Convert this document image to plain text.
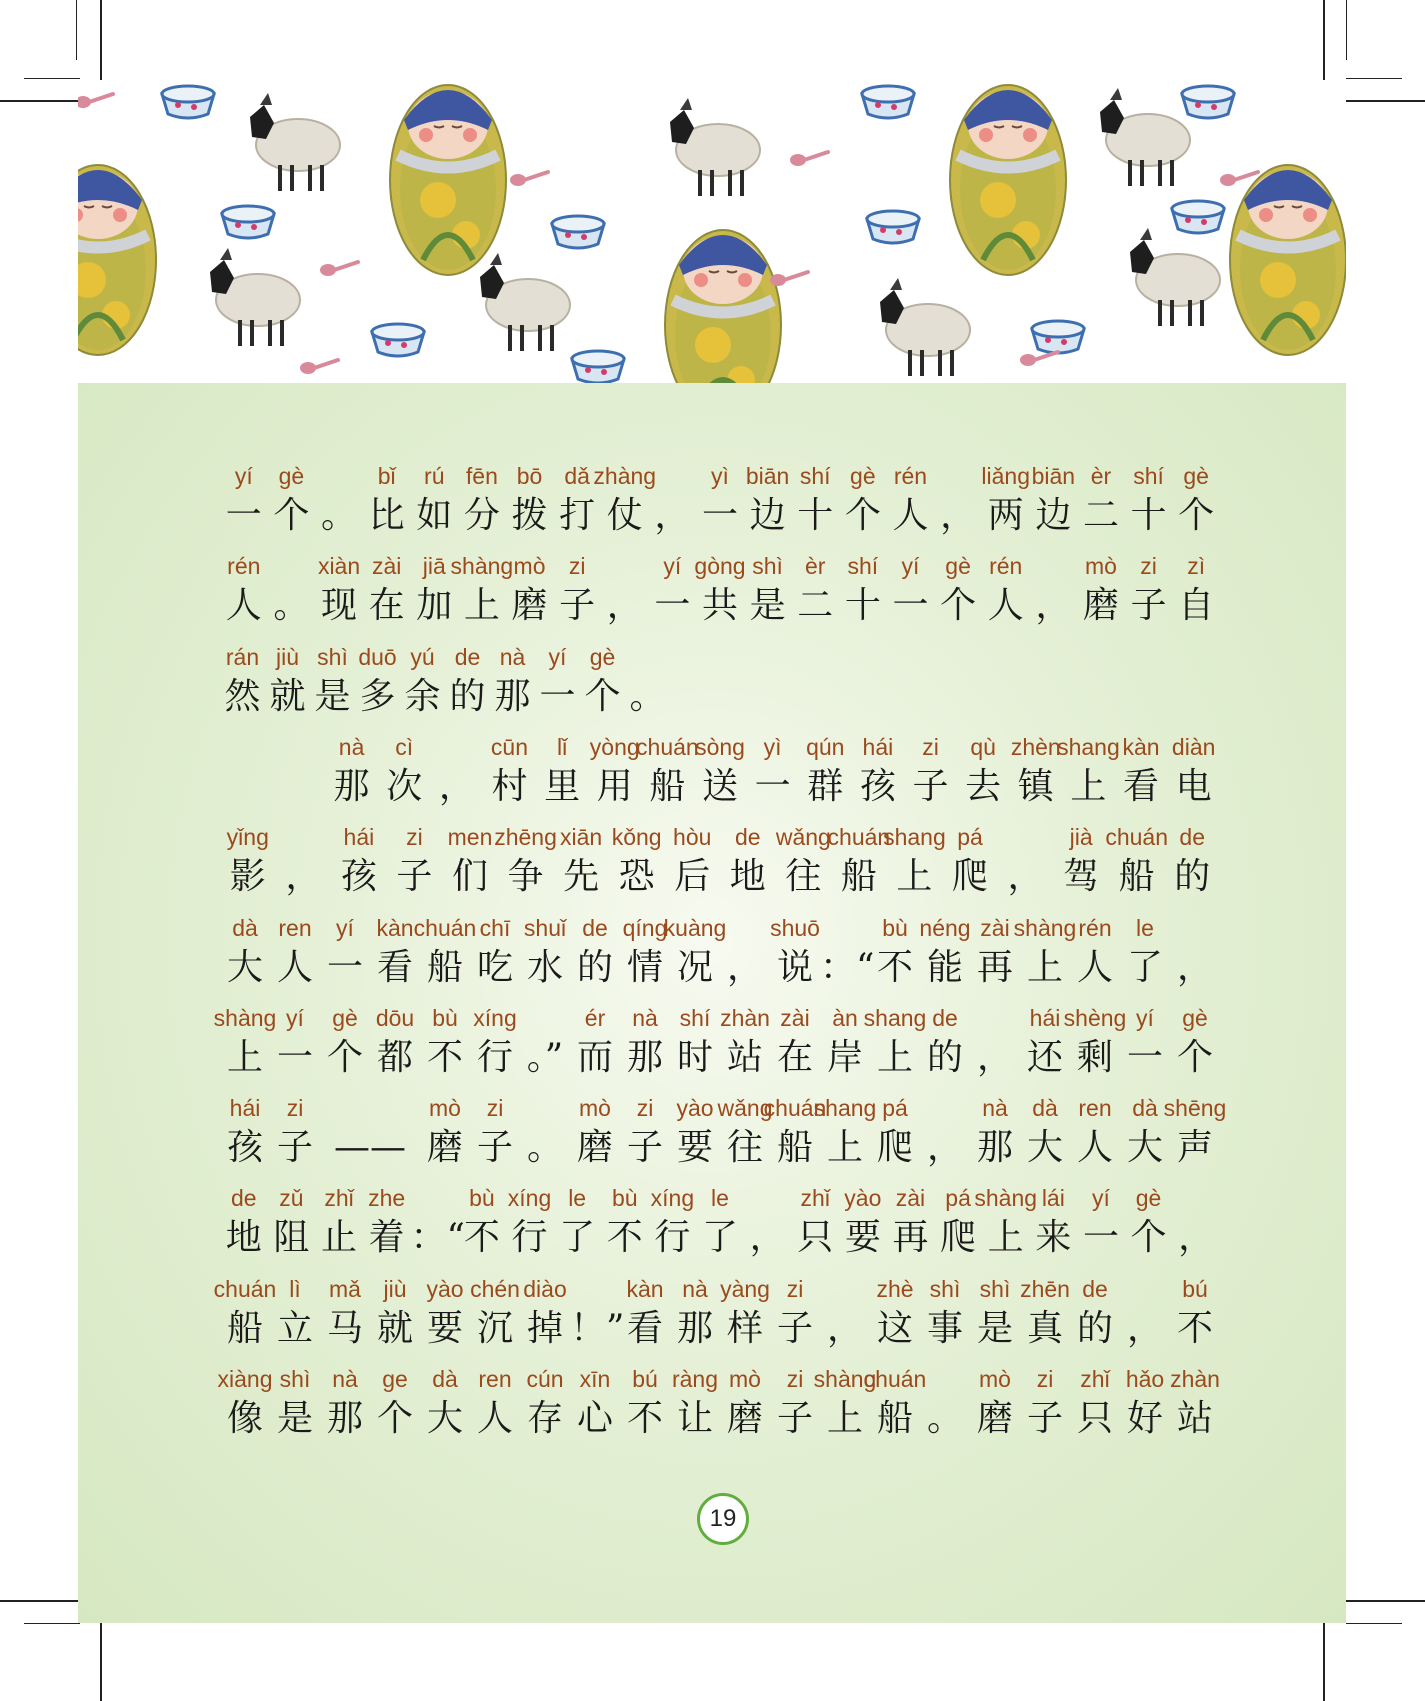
yí gè	bǐ rú fēn bō dǎ zhàng yì biān shí gè rén liǎng biān èr shí gè
一 个 。 比 如 分 拨 打 仗 ， 一 边 十 个 人 ， 两 边 二 十 个
rén	xiàn zài jiā shàng mò zi	yí gòng shì èr shí yí gè rén	mò zi zì
人 。 现 在 加 上 磨 子 ， 一 共 是 二 十 一 个 人 ， 磨 子 自
rán jiù shì duō yú de nà yí gè
然 就 是 多 余 的 那 一 个 。
nà cì	cūn lǐ yòng
chuán
sòng yì qún hái zi qù zhèn
shang kàn diàn
那 次 ， 村 里 用 船 送 一 群 孩 子 去 镇 上 看 电
yǐng	hái zi men zhēng xiān kǒng hòu de wǎng
chuán
shang pá	jià chuán de
影 ， 孩 子 们 争 先 恐 后 地 往 船 上 爬 ， 驾 船 的
dà ren yí kàn chuán chī shuǐ de qíng
kuàng shuō	bù néng zài shàng rén le
大 人 一 看 船 吃 水 的 情 况 ， 说 ：“ 不 能 再 上 人 了 ，
shàng yí gè dōu bù xíng	ér nà shí zhàn zài àn shang de	hái shèng yí gè
上 一 个 都 不 行 。” 而 那 时 站 在 岸 上 的 ， 还 剩 一 个
hái zi	mò zi	mò zi yào wǎng
chuán
shang pá	nà dà ren dà shēng
孩 子 —— 磨 子 。 磨 子 要 往 船 上 爬 ， 那 大 人 大 声
de zǔ zhǐ zhe	bù xíng le bù xíng le	zhǐ yào zài pá shàng lái yí gè
地 阻 止 着 ：“ 不 行 了 不 行 了 ， 只 要 再 爬 上 来 一 个 ，
chuán lì mǎ jiù yào chén diào	kàn nà yàng zi	zhè shì shì zhēn de	bú
船 立 马 就 要 沉 掉 ！” 看 那 样 子 ， 这 事 是 真 的 ， 不
xiàng shì nà ge dà ren cún xīn bú ràng mò zi shàng
chuán mò zi zhǐ hǎo zhàn
像 是 那 个 大 人 存 心 不 让 磨 子 上 船 。 磨 子 只 好 站
19
